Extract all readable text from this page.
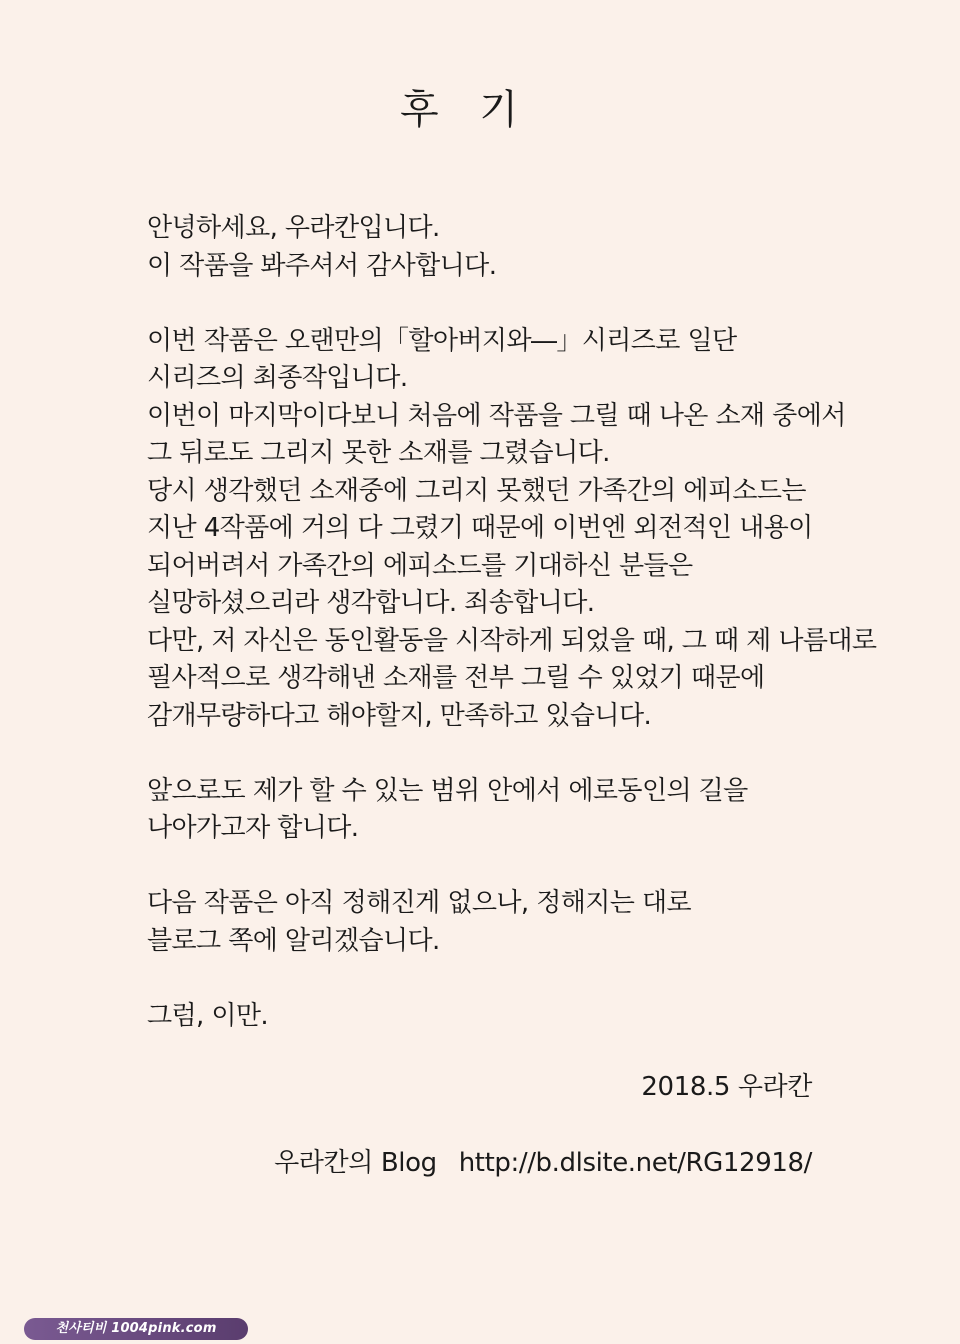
후 기
안녕하세요, 우라칸입니다.
이 작품을 봐주셔서 감사합니다.
이번 작품은 오랜만의「할아버지와―」시리즈로 일단
시리즈의 최종작입니다.
이번이 마지막이다보니 처음에 작품을 그릴 때 나온 소재 중에서
그 뒤로도 그리지 못한 소재를 그렸습니다.
당시 생각했던 소재중에 그리지 못했던 가족간의 에피소드는
지난 4작품에 거의 다 그렸기 때문에 이번엔 외전적인 내용이
되어버려서 가족간의 에피소드를 기대하신 분들은
실망하셨으리라 생각합니다. 죄송합니다.
다만, 저 자신은 동인활동을 시작하게 되었을 때, 그 때 제 나름대로
필사적으로 생각해낸 소재를 전부 그릴 수 있었기 때문에
감개무량하다고 해야할지, 만족하고 있습니다.
앞으로도 제가 할 수 있는 범위 안에서 에로동인의 길을
나아가고자 합니다.
다음 작품은 아직 정해진게 없으나, 정해지는 대로
블로그 쪽에 알리겠습니다.
그럼, 이만.
2018.5 우라칸
우라칸의 Blog http://b.dlsite.net/RG12918/
천사티비 1004pink.com
